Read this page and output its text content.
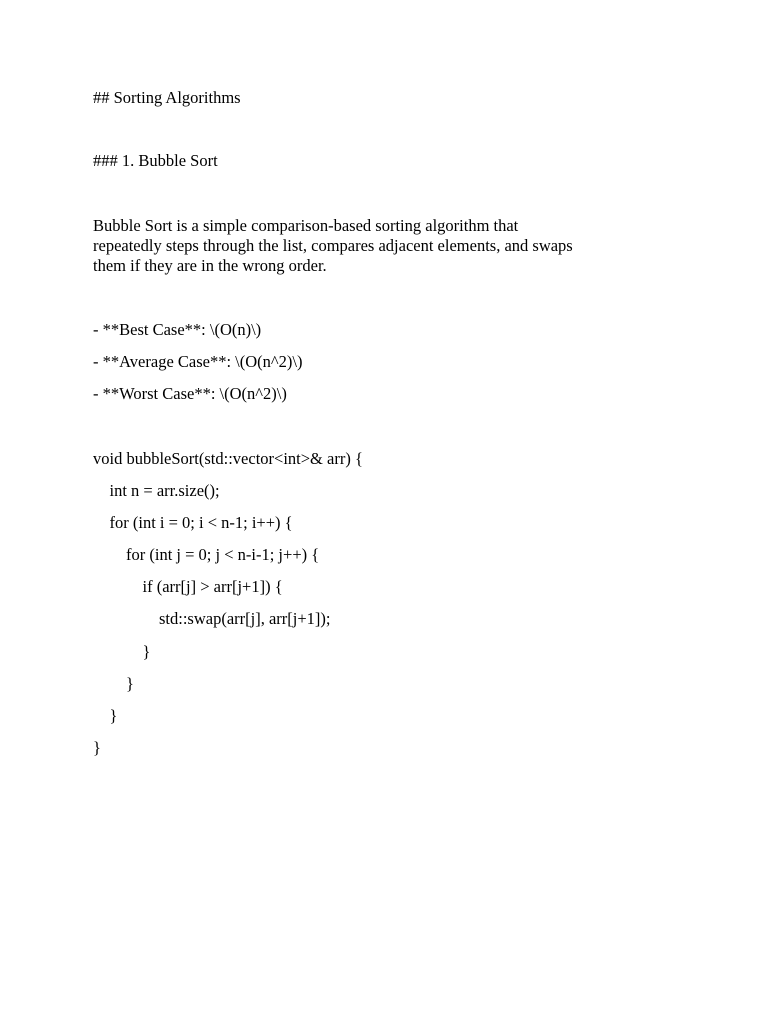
## Sorting Algorithms
### 1. Bubble Sort
Bubble Sort is a simple comparison-based sorting algorithm that
repeatedly steps through the list, compares adjacent elements, and swaps
them if they are in the wrong order.
- **Best Case**: \(O(n)\)
- **Average Case**: \(O(n^2)\)
- **Worst Case**: \(O(n^2)\)
void bubbleSort(std::vector<int>& arr) {
int n = arr.size();
for (int i = 0; i < n-1; i++) {
for (int j = 0; j < n-i-1; j++) {
if (arr[j] > arr[j+1]) {
std::swap(arr[j], arr[j+1]);
}
}
}
}
